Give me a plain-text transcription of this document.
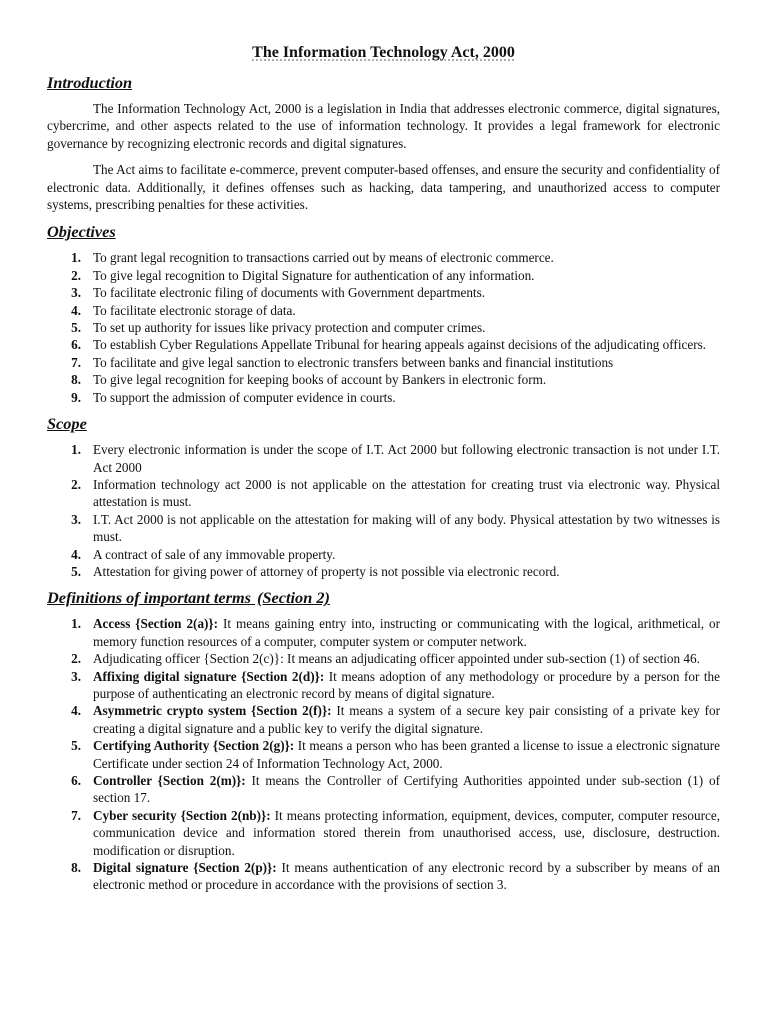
The Information Technology Act, 2000
Introduction

The Information Technology Act, 2000 is a legislation in India that addresses electronic commerce, digital signatures, cybercrime, and other aspects related to the use of information technology. It provides a legal framework for electronic governance by recognizing electronic records and digital signatures.

The Act aims to facilitate e-commerce, prevent computer-based offenses, and ensure the security and confidentiality of electronic data. Additionally, it defines offenses such as hacking, data tampering, and unauthorized access to computer systems, prescribing penalties for these activities.

Objectives
1. To grant legal recognition to transactions carried out by means of electronic commerce.
2. To give legal recognition to Digital Signature for authentication of any information.
3. To facilitate electronic filing of documents with Government departments.
4. To facilitate electronic storage of data.
5. To set up authority for issues like privacy protection and computer crimes.
6. To establish Cyber Regulations Appellate Tribunal for hearing appeals against decisions of the adjudicating officers.
7. To facilitate and give legal sanction to electronic transfers between banks and financial institutions
8. To give legal recognition for keeping books of account by Bankers in electronic form.
9. To support the admission of computer evidence in courts.
Scope
1. Every electronic information is under the scope of I.T. Act 2000 but following electronic transaction is not under I.T. Act 2000
2. Information technology act 2000 is not applicable on the attestation for creating trust via electronic way. Physical attestation is must.
3. I.T. Act 2000 is not applicable on the attestation for making will of any body. Physical attestation by two witnesses is must.
4. A contract of sale of any immovable property.
5. Attestation for giving power of attorney of property is not possible via electronic record.
Definitions of important terms (Section 2)
1. Access {Section 2(a)}: It means gaining entry into, instructing or communicating with the logical, arithmetical, or memory function resources of a computer, computer system or computer network.
2. Adjudicating officer {Section 2(c)}: It means an adjudicating officer appointed under sub-section (1) of section 46.
3. Affixing digital signature {Section 2(d)}: It means adoption of any methodology or procedure by a person for the purpose of authenticating an electronic record by means of digital signature.
4. Asymmetric crypto system {Section 2(f)}: It means a system of a secure key pair consisting of a private key for creating a digital signature and a public key to verify the digital signature.
5. Certifying Authority {Section 2(g)}: It means a person who has been granted a license to issue a electronic signature Certificate under section 24 of Information Technology Act, 2000.
6. Controller {Section 2(m)}: It means the Controller of Certifying Authorities appointed under sub-section (1) of section 17.
7. Cyber security {Section 2(nb)}: It means protecting information, equipment, devices, computer, computer resource, communication device and information stored therein from unauthorised access, use, disclosure, destruction. modification or disruption.
8. Digital signature {Section 2(p)}: It means authentication of any electronic record by a subscriber by means of an electronic method or procedure in accordance with the provisions of section 3.
